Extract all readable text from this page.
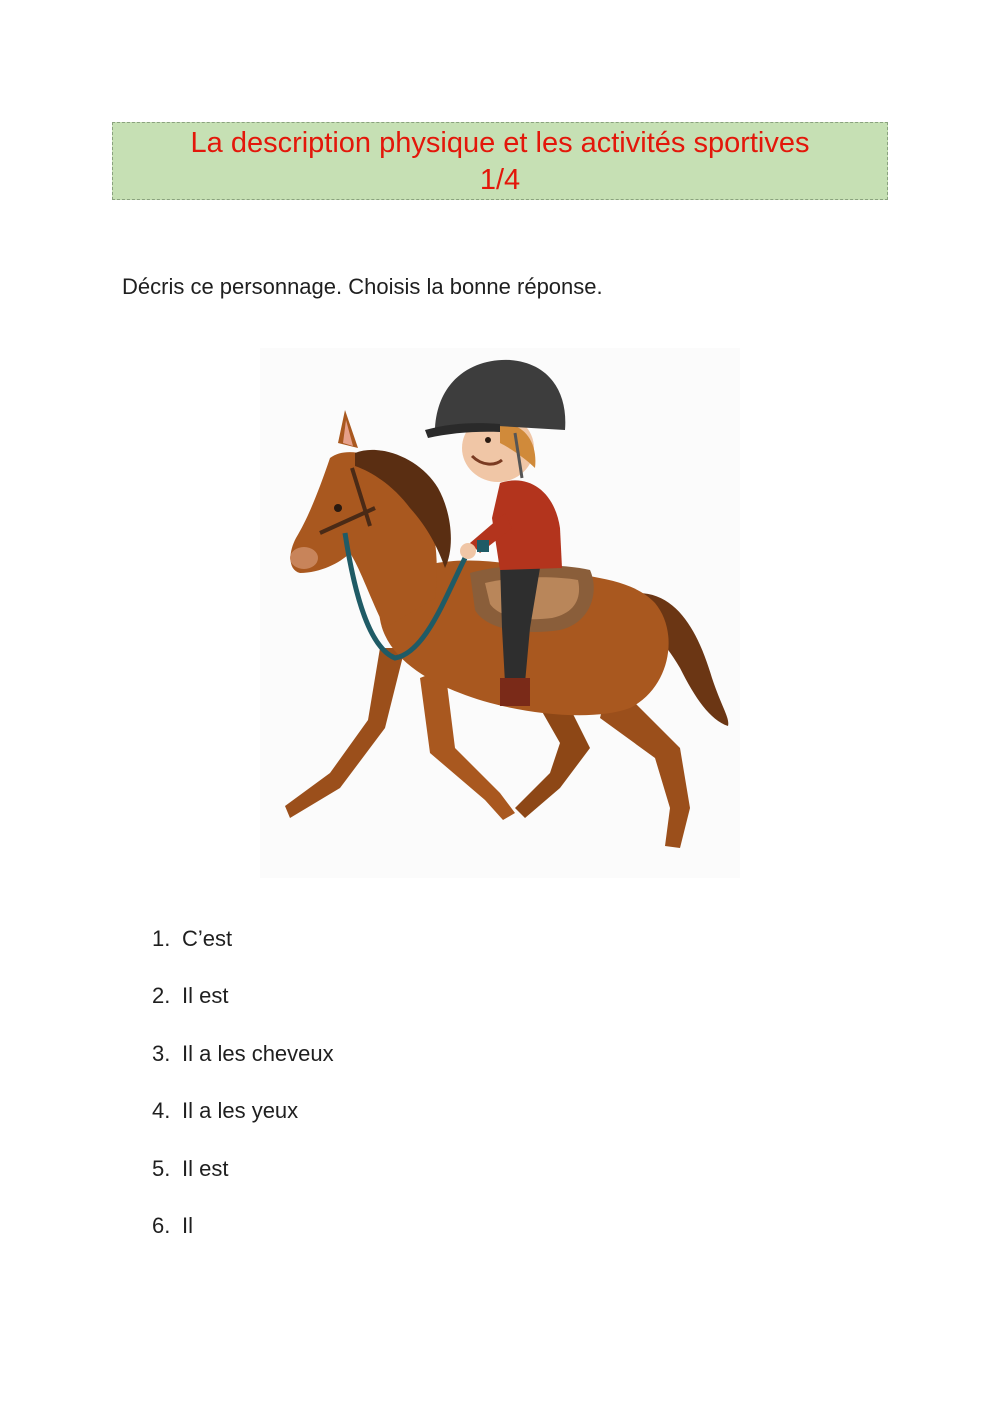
La description physique et les activités sportives
1/4
Décris ce personnage. Choisis la bonne réponse.
1. C’est
2. Il est
3. Il a les cheveux
4. Il a les yeux
5. Il est
6. Il
